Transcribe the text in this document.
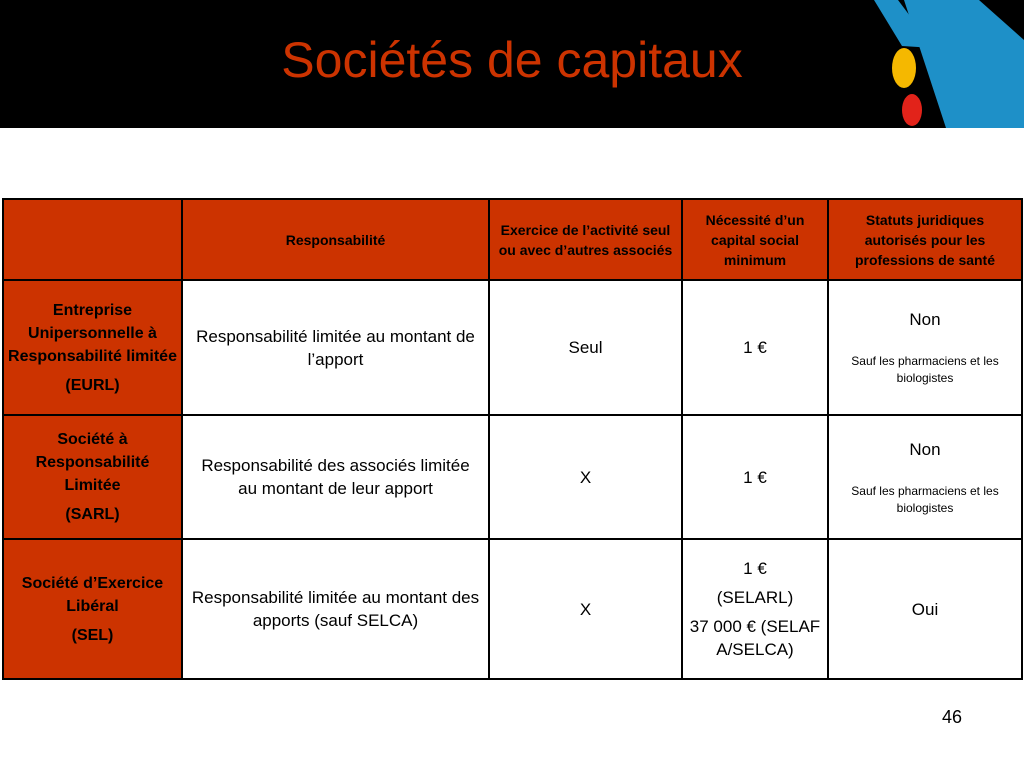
Sociétés de capitaux
	Responsabilité	Exercice de l’activité seul ou avec d’autres associés	Nécessité d’un capital social minimum	Statuts juridiques autorisés pour les professions de santé

Entreprise Unipersonnelle à Responsabilité limitée
(EURL)	Responsabilité limitée au montant de l’apport	Seul	1 €	Non
Sauf les pharmaciens et les biologistes

Société à Responsabilité Limitée
(SARL)	Responsabilité des associés limitée au montant de leur apport	X	1 €	Non
Sauf les pharmaciens et les biologistes

Société d’Exercice Libéral
(SEL)	Responsabilité limitée au montant des apports (sauf SELCA)	X	1 €
(SELARL)
37 000 € (SELAFA/SELCA)	Oui
46
